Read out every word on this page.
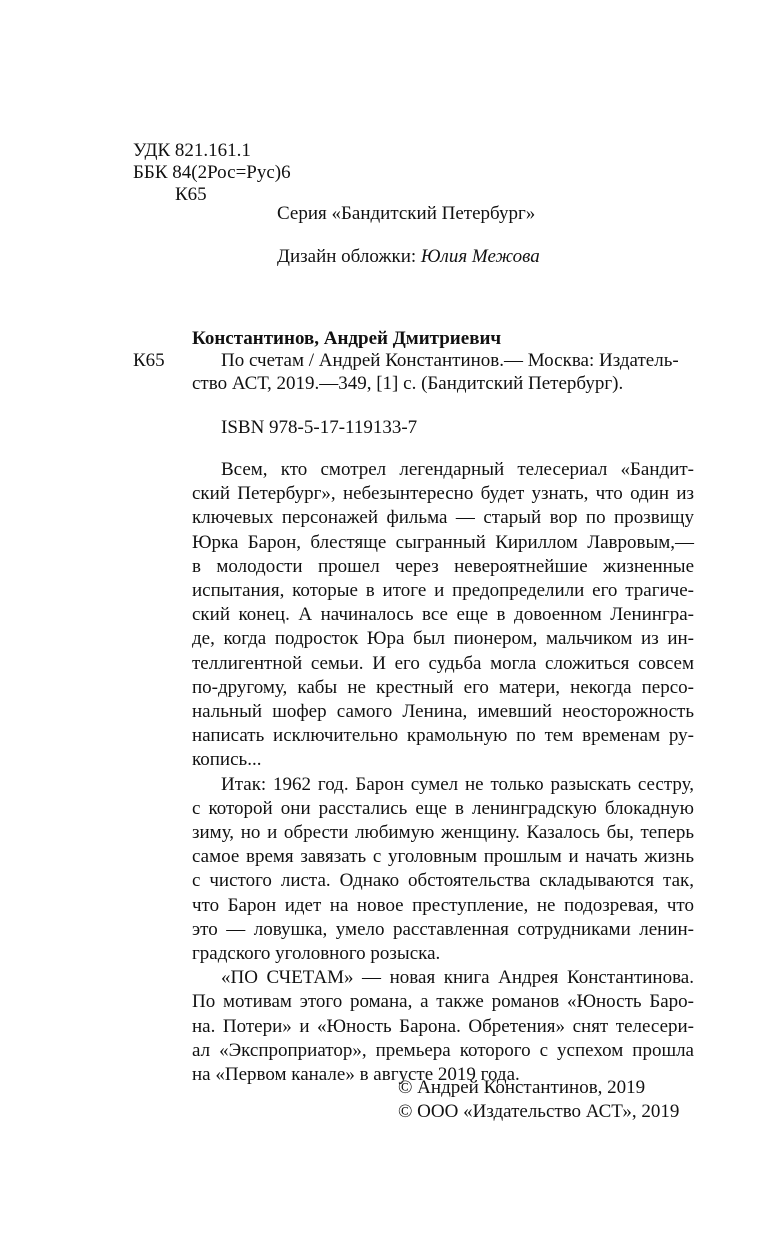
УДК 821.161.1
ББК 84(2Рос=Рус)6
К65
Серия «Бандитский Петербург»
Дизайн обложки: Юлия Межова
Константинов, Андрей Дмитриевич
К65	По счетам / Андрей Константинов.— Москва: Издатель-
ство АСТ, 2019.—349, [1] с. (Бандитский Петербург).
ISBN 978-5-17-119133-7

Всем, кто смотрел легендарный телесериал «Бандит-
ский Петербург», небезынтересно будет узнать, что один из
ключевых персонажей фильма — старый вор по прозвищу
Юрка Барон, блестяще сыгранный Кириллом Лавровым,—
в молодости прошел через невероятнейшие жизненные
испытания, которые в итоге и предопределили его трагиче-
ский конец. А начиналось все еще в довоенном Ленингра-
де, когда подросток Юра был пионером, мальчиком из ин-
теллигентной семьи. И его судьба могла сложиться совсем
по-другому, кабы не крестный его матери, некогда персо-
нальный шофер самого Ленина, имевший неосторожность
написать исключительно крамольную по тем временам ру-
копись...

Итак: 1962 год. Барон сумел не только разыскать сестру,
с которой они расстались еще в ленинградскую блокадную
зиму, но и обрести любимую женщину. Казалось бы, теперь
самое время завязать с уголовным прошлым и начать жизнь
с чистого листа. Однако обстоятельства складываются так,
что Барон идет на новое преступление, не подозревая, что
это — ловушка, умело расставленная сотрудниками ленин-
градского уголовного розыска.

«ПО СЧЕТАМ» — новая книга Андрея Константинова.
По мотивам этого романа, а также романов «Юность Баро-
на. Потери» и «Юность Барона. Обретения» снят телесери-
ал «Экспроприатор», премьера которого с успехом прошла
на «Первом канале» в августе 2019 года.

© Андрей Константинов, 2019
© ООО «Издательство АСТ», 2019
